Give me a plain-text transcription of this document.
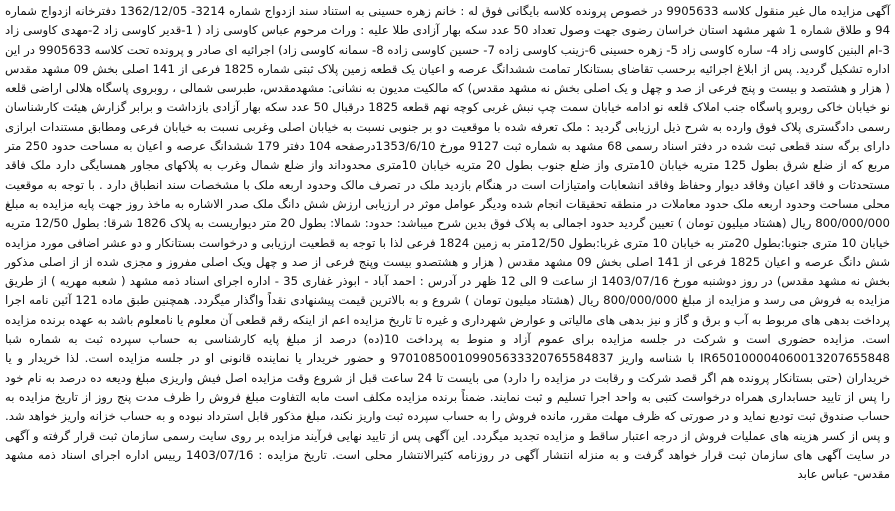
آگهی مزایده مال غیر منقول کلاسه 9905633 در خصوص پرونده کلاسه بایگانی فوق له : خانم زهره حسینی به استناد سند ازدواج شماره 3214- 1362/12/05 دفترخانه ازدواج شماره 94 و طلاق شماره 1 شهر مشهد استان خراسان رضوی جهت وصول تعداد 50 عدد سکه بهار آزادی طلا علیه : وراث مرحوم عباس کاوسی زاد ( 1-قدیر کاوسی زاد 2-مهدی کاوسی زاد 3-ام البنین کاوسی زاد 4- ساره کاوسی زاد 5- زهره حسینی 6-زینب کاوسی زاده 7- حسین کاوسی زاده 8- سمانه کاوسی زاد) اجرائیه ای صادر و پرونده تحت کلاسه 9905633 در این اداره تشکیل گردید. پس از ابلاغ اجرائیه برحسب تقاضای بستانکار تمامت ششدانگ عرصه و اعیان یک قطعه زمین پلاک ثبتی شماره 1825 فرعی از 141 اصلی بخش 09 مشهد مقدس ( هزار و هشتصد و بیست و پنج فرعی از صد و چهل و یک اصلی بخش نه مشهد مقدس) که مالکیت مدیون به نشانی: مشهدمقدس، طبرسی شمالی ، روبروی پاسگاه هلالی اراضی قلعه نو خیابان خاکی روبرو پاسگاه جنب املاک قلعه نو ادامه خیابان سمت چپ نبش غربی کوچه نهم قطعه 1825 درقبال 50 عدد سکه بهار آزادی بازداشت و برابر گزارش هیئت کارشناسان رسمی دادگستری پلاک فوق وارده به شرح ذیل ارزیابی گردید : ملک تعرفه شده با موقعیت دو بر جنوبی نسبت به خیابان اصلی وغربی نسبت به خیابان فرعی ومطابق مستندات ابرازی دارای برگه سند قطعی ثبت شده در دفتر اسناد رسمی 68 مشهد به شماره ثبت 9127 مورخ 1353/6/10درصفحه 104 دفتر 179 ششدانگ عرصه و اعیان به مساحت حدود 250 متر مربع که از ضلع شرق بطول 125 متریه خیابان 10متری واز ضلع جنوب بطول 20 متریه خیابان 10متری محدوداند واز ضلع شمال وغرب به پلاکهای مجاور همسایگی دارد ملک فاقد مستحدثات و فاقد اعیان وفاقد دیوار وحفاظ وفاقد انشعابات وامتیازات است در هنگام بازدید ملک در تصرف مالک وحدود اربعه ملک با مشخصات سند انطباق دارد . با توجه به موقعیت محلی مساحت وحدود اربعه ملک حدود معاملات در منطقه تحقیقات انجام شده ودیگر عوامل موثر در ارزیابی ارزش شش دانگ ملک صدر الاشاره به ماخذ روز جهت پایه مزایده به مبلغ 800/000/000 ریال (هشتاد میلیون تومان ) تعیین گردید حدود اجمالی به پلاک فوق بدین شرح میباشد: حدود: شمالا: بطول 20 متر دیواریست به پلاک 1826 شرقا: بطول 12/50 متریه خیابان 10 متری جنوبا:بطول 20متر به خیابان 10 متری غربا:بطول 12/50متر به زمین 1824 فرعی لذا با توجه به قطعیت ارزیابی و درخواست بستانکار و دو عشر اضافی مورد مزایده شش دانگ عرصه و اعیان 1825 فرعی از 141 اصلی بخش 09 مشهد مقدس ( هزار و هشتصدو بیست وپنج فرعی از صد و چهل ویک اصلی مفروز و مجزی شده از از اصلی مذکور بخش نه مشهد مقدس) در روز دوشنبه مورخ 1403/07/16 از ساعت 9 الی 12 ظهر در آدرس : احمد آباد - ابوذر غفاری 35 - اداره اجرای اسناد ذمه مشهد ( شعبه مهریه ) از طریق مزایده به فروش می رسد و مزایده از مبلغ 800/000/000 ریال (هشتاد میلیون تومان ) شروع و به بالاترین قیمت پیشنهادی نقداً واگذار میگردد. همچنین طبق ماده 121 آئین نامه اجرا پرداخت بدهی های مربوط به آب و برق و گاز و نیز بدهی های مالیاتی و عوارض شهرداری و غیره تا تاریخ مزایده اعم از اینکه رقم قطعی آن معلوم یا نامعلوم باشد به عهده برنده مزایده است. مزایده حضوری است و شرکت در جلسه مزایده برای عموم آزاد و منوط به پرداخت 10(ده) درصد از مبلغ پایه کارشناسی به حساب سپرده ثبت به شماره شبا IR650100004060013207655848 با شناسه واریز 970108500109905633320765584837 و حضور خریدار یا نماینده قانونی او در جلسه مزایده است. لذا خریدار و یا خریداران (حتی بستانکار پرونده هم اگر قصد شرکت و رقابت در مزایده را دارد) می بایست تا 24 ساعت قبل از شروع وقت مزایده اصل فیش واریزی مبلغ ودیعه ده درصد به نام خود را پس از تایید حسابداری همراه درخواست کتبی به واحد اجرا تسلیم و ثبت نمایند. ضمناً برنده مزایده مکلف است مابه التفاوت مبلغ فروش را ظرف مدت پنج روز از تاریخ مزایده به حساب صندوق ثبت تودیع نماید و در صورتی که ظرف مهلت مقرر، مانده فروش را به حساب سپرده ثبت واریز نکند، مبلغ مذکور قابل استرداد نبوده و به حساب خزانه واریز خواهد شد. و پس از کسر هزینه های عملیات فروش از درجه اعتبار ساقط و مزایده تجدید میگردد. این آگهی پس از تایید نهایی فرآیند مزایده بر روی سایت رسمی سازمان ثبت قرار گرفته و آگهی در سایت آگهی های سازمان ثبت قرار خواهد گرفت و به منزله انتشار آگهی در روزنامه کثیرالانتشار محلی است. تاریخ مزایده : 1403/07/16 رییس اداره اجرای اسناد ذمه مشهد مقدس- عباس عابد
